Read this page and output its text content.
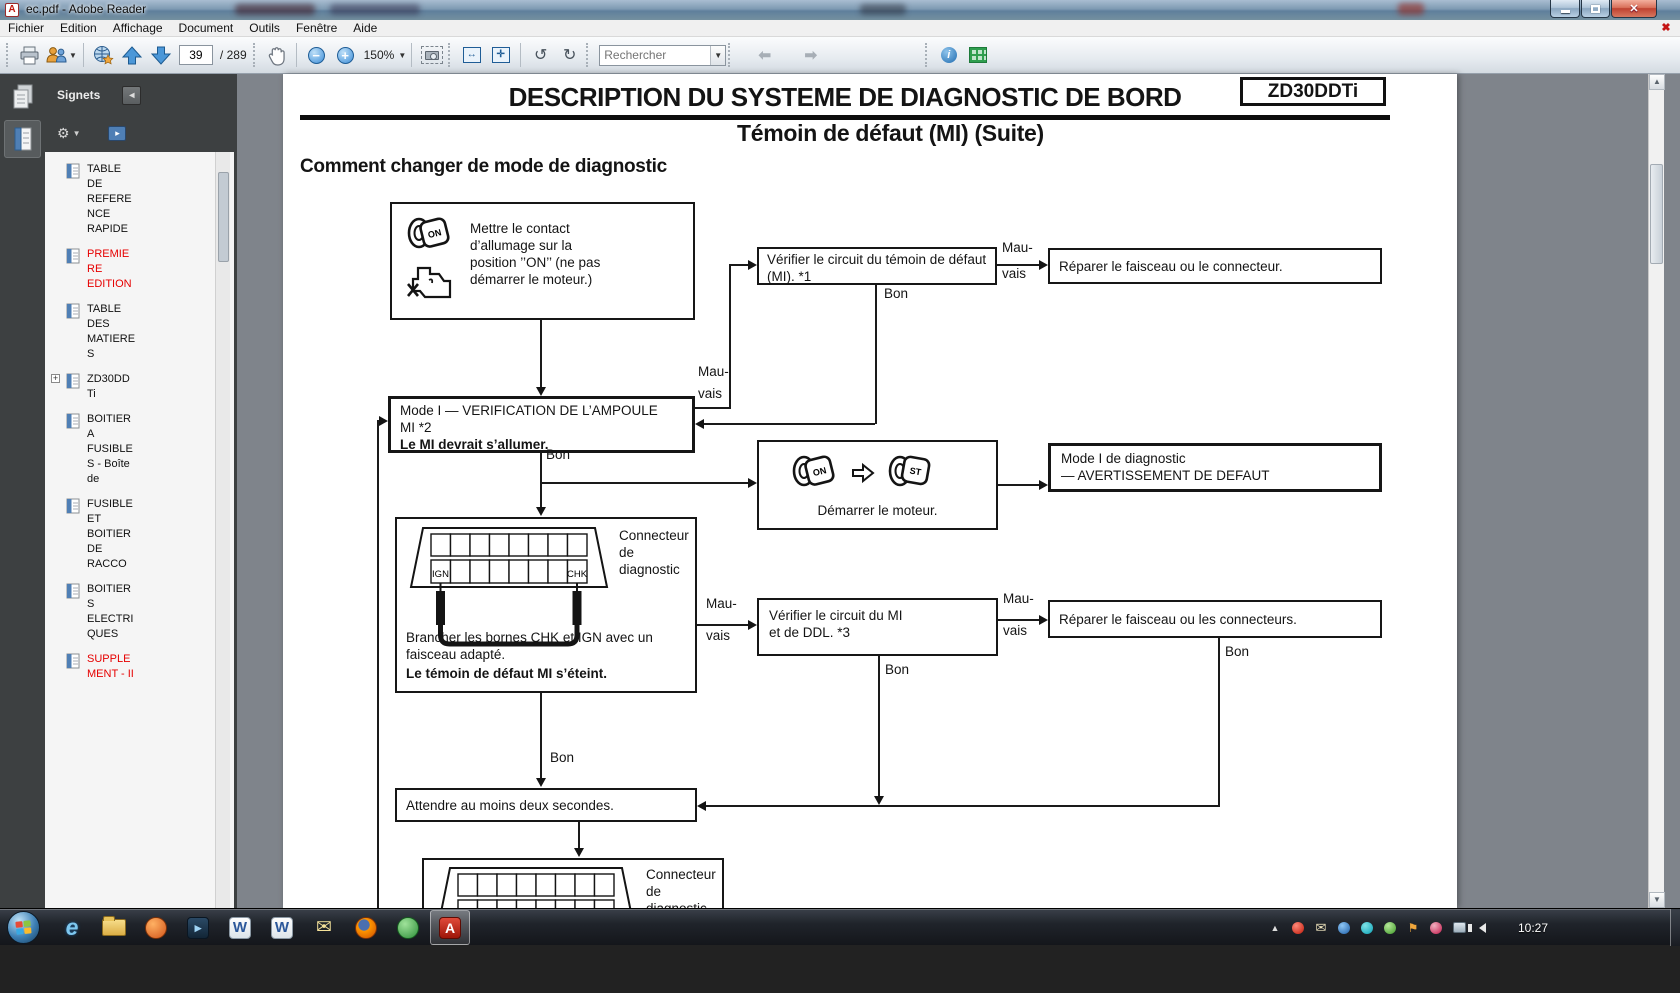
A ec.pdf - Adobe Reader	✕
Fichier	Edition	Affichage	Document	Outils	Fenêtre	Aide	✖
▼
39	/ 289	−	+	150% ▼	↔	✛	↺ ↻
Rechercher	▼ ⬅ ➡	i
Signets	◂
⚙ ▼	▸
TABLE DE REFERENCE RAPIDE
PREMIERE EDITION
TABLE DES MATIERES
+	ZD30DDTi
BOITIER A FUSIBLES - Boîte de
FUSIBLE ET BOITIER DE RACCO
BOITIERS ELECTRIQUES
SUPPLEMENT - II
DESCRIPTION DU SYSTEME DE DIAGNOSTIC DE BORD	ZD30DDTi
Témoin de défaut (MI) (Suite)
Comment changer de mode de diagnostic
ON Mettre le contact d’allumage sur la position ’’ON’’ (ne pas démarrer le moteur.)
Vérifier le circuit du témoin de défaut (MI). *1
Mau-
vais Réparer le faisceau ou le connecteur.
Bon
Mau-
vais
Mode I — VERIFICATION DE L’AMPOULE MI *2
Le MI devrait s’allumer.
Bon
ON	ST
Démarrer le moteur.
Mode I de diagnostic
— AVERTISSEMENT DE DEFAUT
IGN	CHK
Connecteur
de
diagnostic
Brancher les bornes CHK et IGN avec un faisceau adapté.
Le témoin de défaut MI s’éteint.
Mau-
vais
Vérifier le circuit du MI
et de DDL. *3
Mau-
vais
Réparer le faisceau ou les connecteurs.
Bon
Bon
Bon
Attendre au moins deux secondes.
Connecteur
de

▲
▼
e	▸	W W ✉	A	▲	✉	⚑	10:27
